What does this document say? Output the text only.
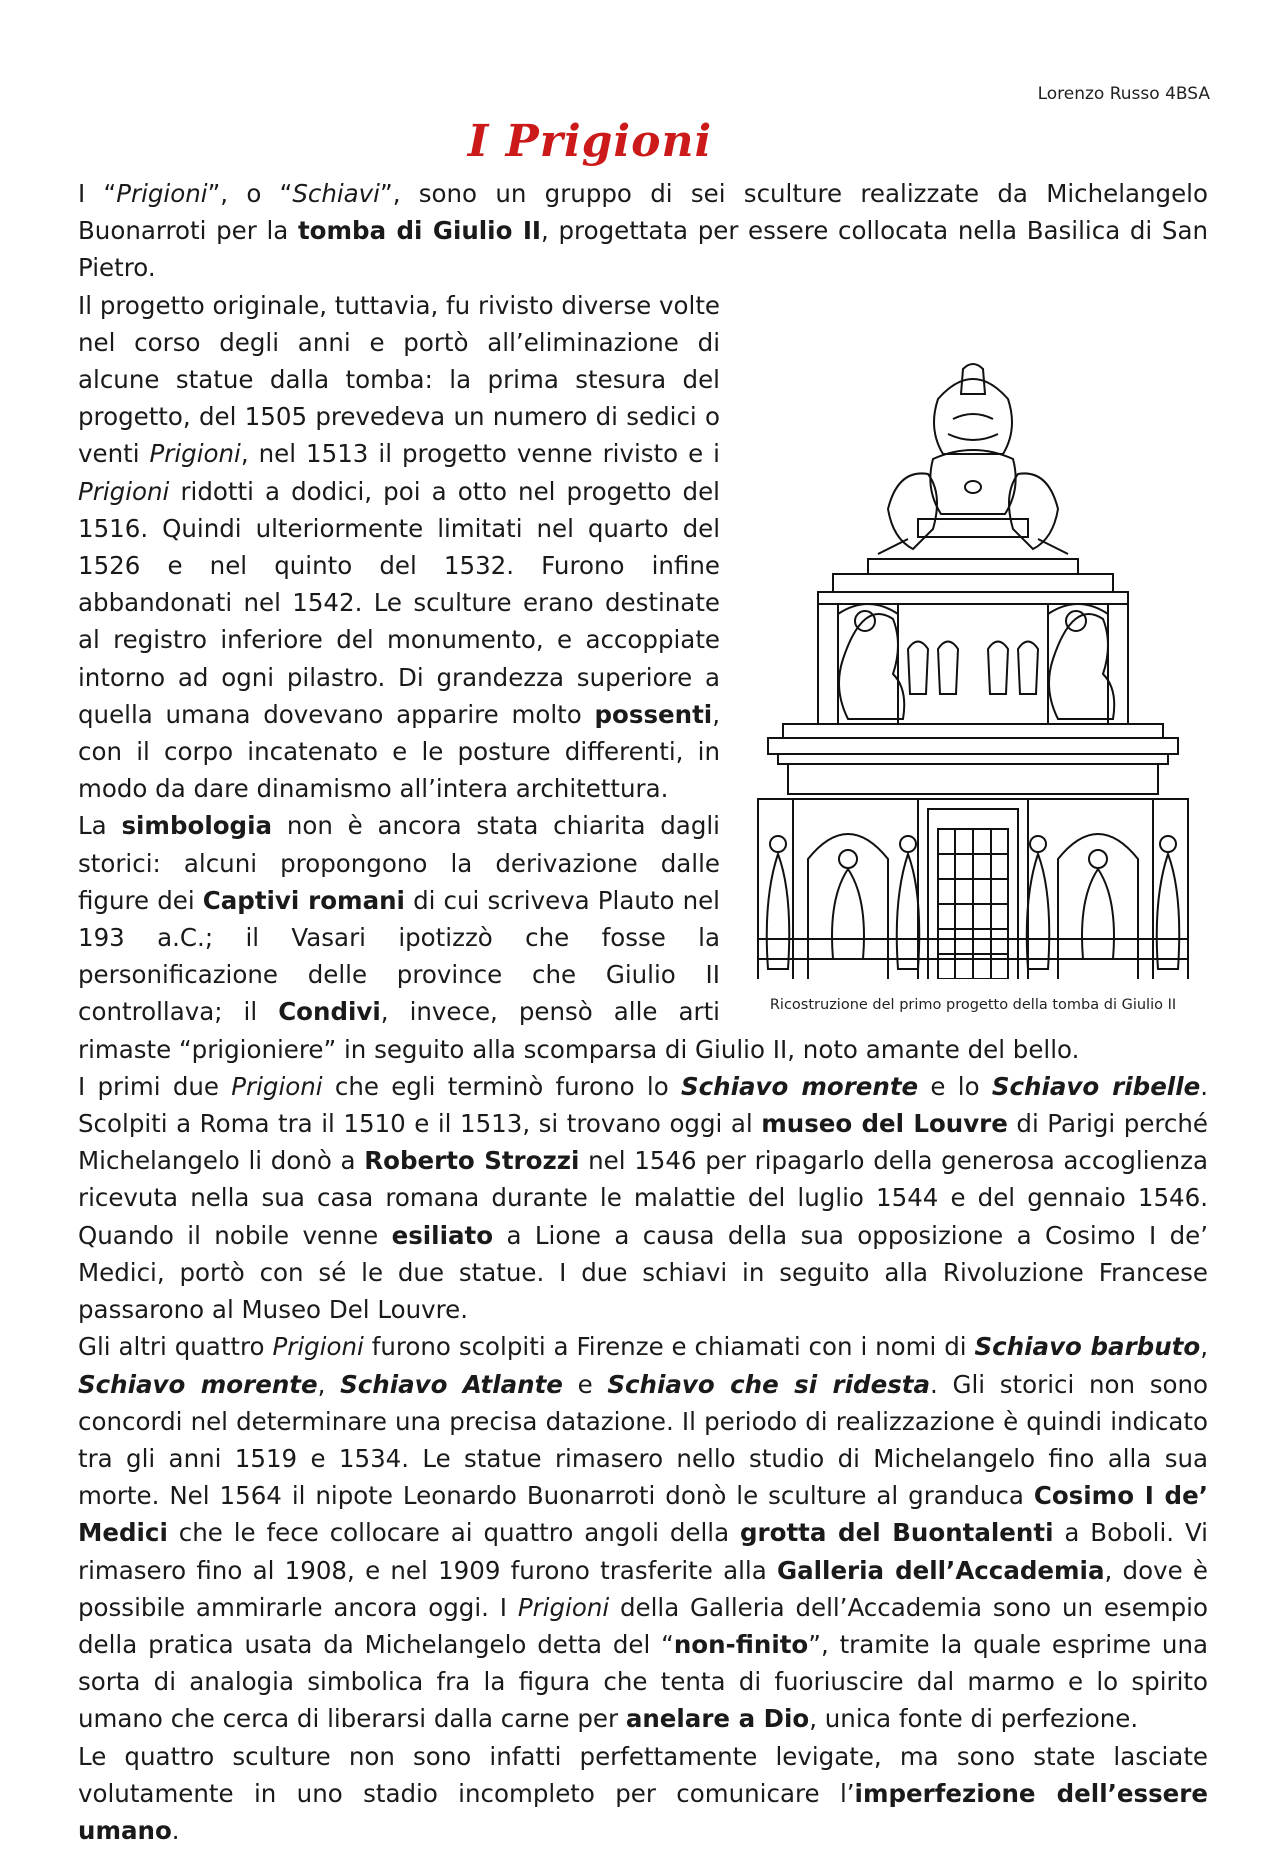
Lorenzo Russo 4BSA
I Prigioni

I “Prigioni”, o “Schiavi”, sono un gruppo di sei sculture realizzate da Michelangelo Buonarroti per la tomba di Giulio II, progettata per essere collocata nella Basilica di San Pietro.

Ricostruzione del primo progetto della tomba di Giulio II

Il progetto originale, tuttavia, fu rivisto diverse volte nel corso degli anni e portò all’eliminazione di alcune statue dalla tomba: la prima stesura del progetto, del 1505 prevedeva un numero di sedici o venti Prigioni, nel 1513 il progetto venne rivisto e i Prigioni ridotti a dodici, poi a otto nel progetto del 1516. Quindi ulteriormente limitati nel quarto del 1526 e nel quinto del 1532. Furono infine abbandonati nel 1542. Le sculture erano destinate al registro inferiore del monumento, e accoppiate intorno ad ogni pilastro. Di grandezza superiore a quella umana dovevano apparire molto possenti, con il corpo incatenato e le posture differenti, in modo da dare dinamismo all’intera architettura.

La simbologia non è ancora stata chiarita dagli storici: alcuni propongono la derivazione dalle figure dei Captivi romani di cui scriveva Plauto nel 193 a.C.; il Vasari ipotizzò che fosse la personificazione delle province che Giulio II controllava; il Condivi, invece, pensò alle arti rimaste “prigioniere” in seguito alla scomparsa di Giulio II, noto amante del bello.

I primi due Prigioni che egli terminò furono lo Schiavo morente e lo Schiavo ribelle. Scolpiti a Roma tra il 1510 e il 1513, si trovano oggi al museo del Louvre di Parigi perché Michelangelo li donò a Roberto Strozzi nel 1546 per ripagarlo della generosa accoglienza ricevuta nella sua casa romana durante le malattie del luglio 1544 e del gennaio 1546. Quando il nobile venne esiliato a Lione a causa della sua opposizione a Cosimo I de’ Medici, portò con sé le due statue. I due schiavi in seguito alla Rivoluzione Francese passarono al Museo Del Louvre.

Gli altri quattro Prigioni furono scolpiti a Firenze e chiamati con i nomi di Schiavo barbuto, Schiavo morente, Schiavo Atlante e Schiavo che si ridesta. Gli storici non sono concordi nel determinare una precisa datazione. Il periodo di realizzazione è quindi indicato tra gli anni 1519 e 1534. Le statue rimasero nello studio di Michelangelo fino alla sua morte. Nel 1564 il nipote Leonardo Buonarroti donò le sculture al granduca Cosimo I de’ Medici che le fece collocare ai quattro angoli della grotta del Buontalenti a Boboli. Vi rimasero fino al 1908, e nel 1909 furono trasferite alla Galleria dell’Accademia, dove è possibile ammirarle ancora oggi. I Prigioni della Galleria dell’Accademia sono un esempio della pratica usata da Michelangelo detta del “non-finito”, tramite la quale esprime una sorta di analogia simbolica fra la figura che tenta di fuoriuscire dal marmo e lo spirito umano che cerca di liberarsi dalla carne per anelare a Dio, unica fonte di perfezione.

Le quattro sculture non sono infatti perfettamente levigate, ma sono state lasciate volutamente in uno stadio incompleto per comunicare l’imperfezione dell’essere umano.
